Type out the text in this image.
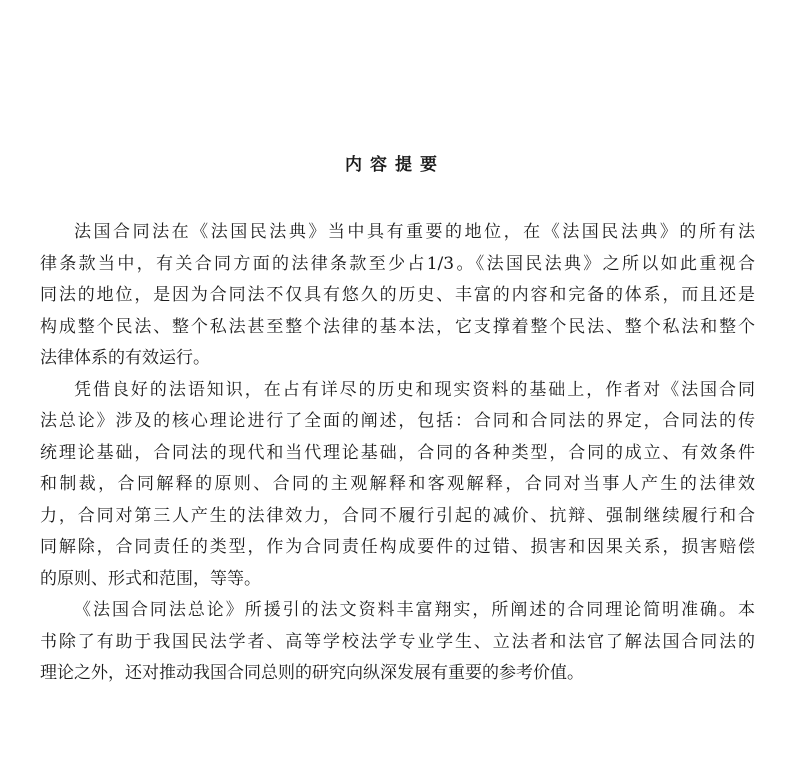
内容提要
法国合同法在《法国民法典》当中具有重要的地位，在《法国民法典》的所有法
律条款当中，有关合同方面的法律条款至少占1/3。《法国民法典》之所以如此重视合
同法的地位，是因为合同法不仅具有悠久的历史、丰富的内容和完备的体系，而且还是
构成整个民法、整个私法甚至整个法律的基本法，它支撑着整个民法、整个私法和整个
法律体系的有效运行。
凭借良好的法语知识，在占有详尽的历史和现实资料的基础上，作者对《法国合同
法总论》涉及的核心理论进行了全面的阐述，包括：合同和合同法的界定，合同法的传
统理论基础，合同法的现代和当代理论基础，合同的各种类型，合同的成立、有效条件
和制裁，合同解释的原则、合同的主观解释和客观解释，合同对当事人产生的法律效
力，合同对第三人产生的法律效力，合同不履行引起的减价、抗辩、强制继续履行和合
同解除，合同责任的类型，作为合同责任构成要件的过错、损害和因果关系，损害赔偿
的原则、形式和范围，等等。
《法国合同法总论》所援引的法文资料丰富翔实，所阐述的合同理论简明准确。本
书除了有助于我国民法学者、高等学校法学专业学生、立法者和法官了解法国合同法的
理论之外，还对推动我国合同总则的研究向纵深发展有重要的参考价值。
